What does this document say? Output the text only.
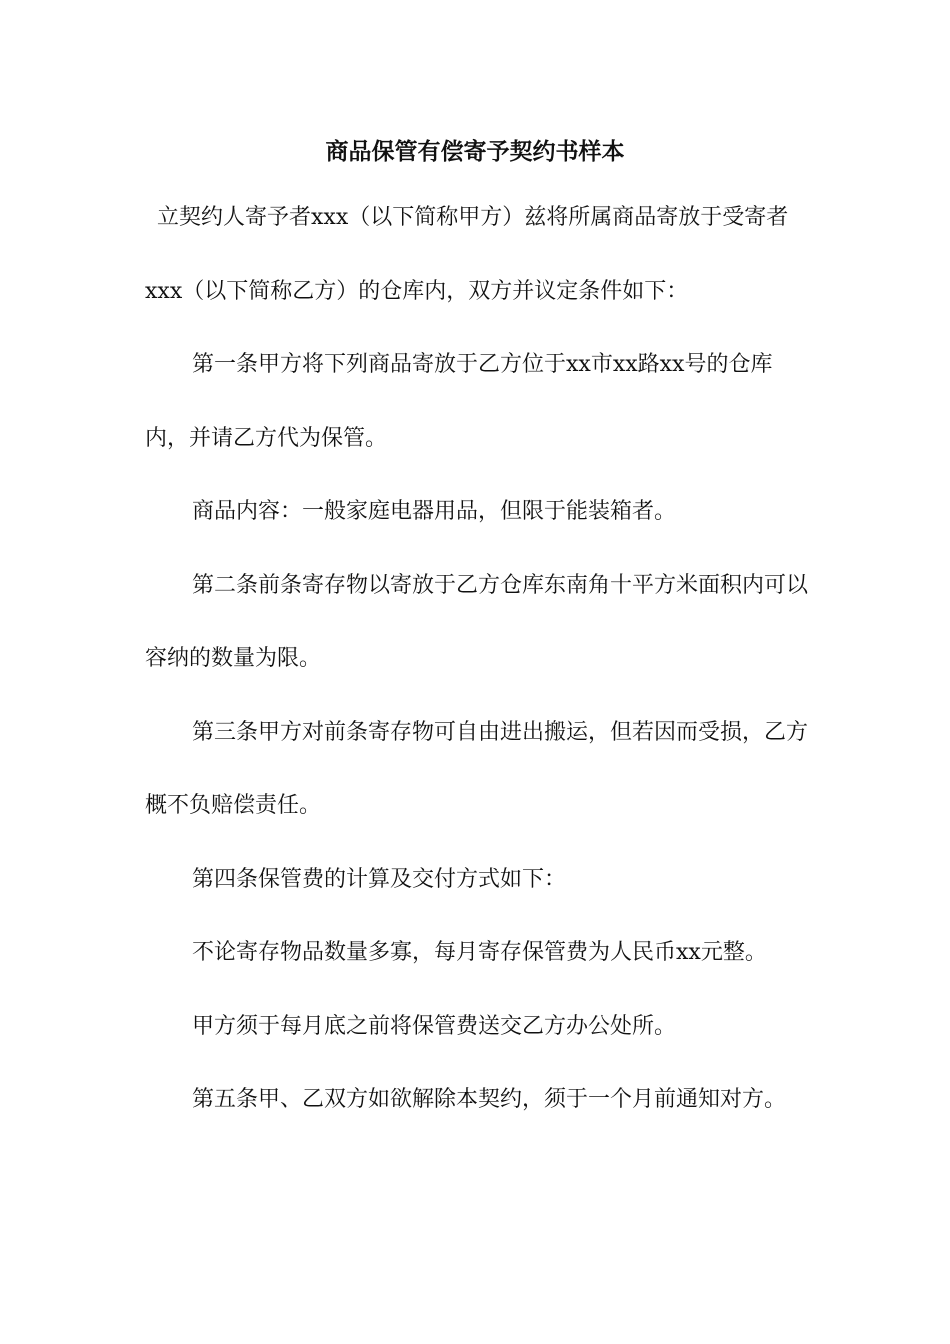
商品保管有偿寄予契约书样本

立契约人寄予者xxx（以下简称甲方）兹将所属商品寄放于受寄者xxx（以下简称乙方）的仓库内，双方并议定条件如下：

第一条甲方将下列商品寄放于乙方位于xx市xx路xx号的仓库内，并请乙方代为保管。

商品内容：一般家庭电器用品，但限于能装箱者。

第二条前条寄存物以寄放于乙方仓库东南角十平方米面积内可以容纳的数量为限。

第三条甲方对前条寄存物可自由进出搬运，但若因而受损，乙方概不负赔偿责任。

第四条保管费的计算及交付方式如下：

不论寄存物品数量多寡，每月寄存保管费为人民币xx元整。

甲方须于每月底之前将保管费送交乙方办公处所。

第五条甲、乙双方如欲解除本契约，须于一个月前通知对方。
